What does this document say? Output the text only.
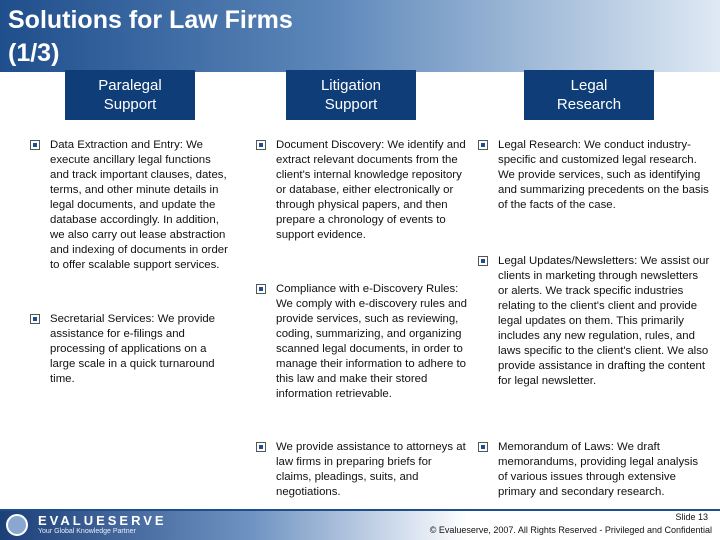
Solutions for Law Firms
(1/3)
Paralegal
Support
Litigation
Support
Legal
Research
Data Extraction and Entry: We execute ancillary legal functions and track important clauses, dates, terms, and other minute details in legal documents, and update the database accordingly. In addition, we also carry out lease abstraction and indexing of documents in order to offer scalable support services.
Secretarial Services: We provide assistance for e-filings and processing of applications on a large scale in a quick turnaround time.
Document Discovery: We identify and extract relevant documents from the client's internal knowledge repository or database, either electronically or through physical papers, and then prepare a chronology of events to support evidence.
Compliance with e-Discovery Rules: We comply with e-discovery rules and provide services, such as reviewing, coding, summarizing, and organizing scanned legal documents, in order to manage their information to adhere to this law and make their stored information retrievable.
We provide assistance to attorneys at law firms in preparing briefs for claims, pleadings, suits, and negotiations.
Legal Research: We conduct industry-specific and customized legal research. We provide services, such as identifying and summarizing precedents on the basis of the facts of the case.
Legal Updates/Newsletters: We assist our clients in marketing through newsletters or alerts. We track specific industries relating to the client's client and provide legal updates on them. This primarily includes any new regulation, rules, and laws specific to the client's client. We also provide assistance in drafting the content for legal newsletter.
Memorandum of Laws: We draft memorandums, providing legal analysis of various issues through extensive primary and secondary research.
EVALUESERVE
Your Global Knowledge Partner
Slide 13
© Evalueserve, 2007. All Rights Reserved - Privileged and Confidential
